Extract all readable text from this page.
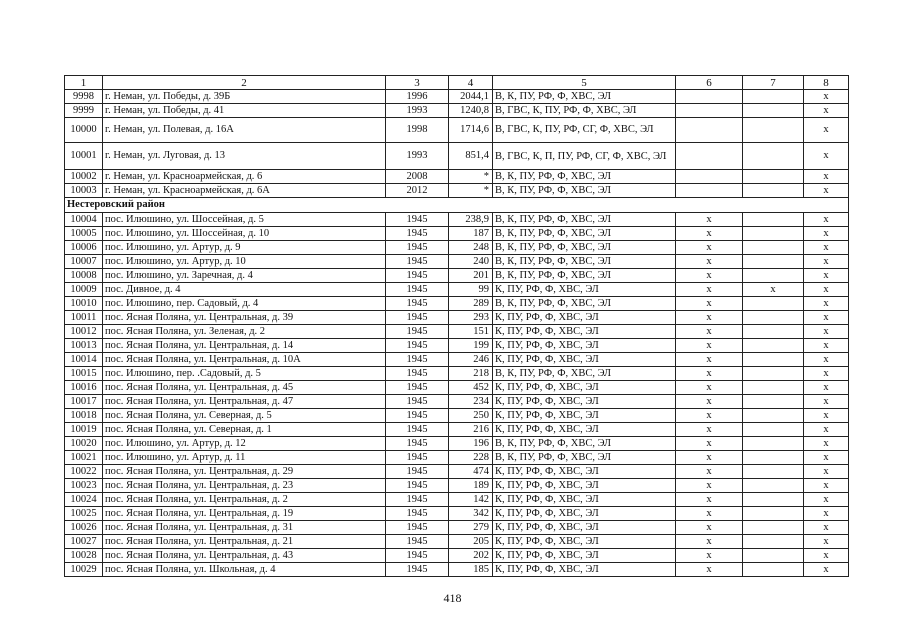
1	2	3	4	5	6	7	8
9998	г. Неман, ул. Победы, д. 39Б	1996	2044,1	В, К, ПУ, РФ, Ф, ХВС, ЭЛ			х
9999	г. Неман, ул. Победы, д. 41	1993	1240,8	В, ГВС, К, ПУ, РФ, Ф, ХВС, ЭЛ			х
10000	г. Неман, ул. Полевая, д. 16А	1998	1714,6	В, ГВС, К, ПУ, РФ, СГ, Ф, ХВС, ЭЛ			х
10001	г. Неман, ул. Луговая, д. 13	1993	851,4	В, ГВС, К, П, ПУ, РФ, СГ, Ф, ХВС, ЭЛ			х
10002	г. Неман, ул. Красноармейская, д. 6	2008	*	В, К, ПУ, РФ, Ф, ХВС, ЭЛ			х
10003	г. Неман, ул. Красноармейская, д. 6А	2012	*	В, К, ПУ, РФ, Ф, ХВС, ЭЛ			х
Нестеровский район							
10004	пос. Илюшино, ул. Шоссейная, д. 5	1945	238,9	В, К, ПУ, РФ, Ф, ХВС, ЭЛ	х		х
10005	пос. Илюшино, ул. Шоссейная, д. 10	1945	187	В, К, ПУ, РФ, Ф, ХВС, ЭЛ	х		х
10006	пос. Илюшино, ул. Артур, д. 9	1945	248	В, К, ПУ, РФ, Ф, ХВС, ЭЛ	х		х
10007	пос. Илюшино, ул. Артур, д. 10	1945	240	В, К, ПУ, РФ, Ф, ХВС, ЭЛ	х		х
10008	пос. Илюшино, ул. Заречная, д. 4	1945	201	В, К, ПУ, РФ, Ф, ХВС, ЭЛ	х		х
10009	пос. Дивное, д. 4	1945	99	К, ПУ, РФ, Ф, ХВС, ЭЛ	х	х	х
10010	пос. Илюшино, пер. Садовый, д. 4	1945	289	В, К, ПУ, РФ, Ф, ХВС, ЭЛ	х		х
10011	пос. Ясная Поляна, ул. Центральная, д. 39	1945	293	К, ПУ, РФ, Ф, ХВС, ЭЛ	х		х
10012	пос. Ясная Поляна, ул. Зеленая, д. 2	1945	151	К, ПУ, РФ, Ф, ХВС, ЭЛ	х		х
10013	пос. Ясная Поляна, ул. Центральная, д. 14	1945	199	К, ПУ, РФ, Ф, ХВС, ЭЛ	х		х
10014	пос. Ясная Поляна, ул. Центральная, д. 10А	1945	246	К, ПУ, РФ, Ф, ХВС, ЭЛ	х		х
10015	пос. Илюшино, пер. .Садовый, д. 5	1945	218	В, К, ПУ, РФ, Ф, ХВС, ЭЛ	х		х
10016	пос. Ясная Поляна, ул. Центральная, д. 45	1945	452	К, ПУ, РФ, Ф, ХВС, ЭЛ	х		х
10017	пос. Ясная Поляна, ул. Центральная, д. 47	1945	234	К, ПУ, РФ, Ф, ХВС, ЭЛ	х		х
10018	пос. Ясная Поляна, ул. Северная, д. 5	1945	250	К, ПУ, РФ, Ф, ХВС, ЭЛ	х		х
10019	пос. Ясная Поляна, ул. Северная, д. 1	1945	216	К, ПУ, РФ, Ф, ХВС, ЭЛ	х		х
10020	пос. Илюшино, ул. Артур, д. 12	1945	196	В, К, ПУ, РФ, Ф, ХВС, ЭЛ	х		х
10021	пос. Илюшино, ул. Артур, д. 11	1945	228	В, К, ПУ, РФ, Ф, ХВС, ЭЛ	х		х
10022	пос. Ясная Поляна, ул. Центральная, д. 29	1945	474	К, ПУ, РФ, Ф, ХВС, ЭЛ	х		х
10023	пос. Ясная Поляна, ул. Центральная, д. 23	1945	189	К, ПУ, РФ, Ф, ХВС, ЭЛ	х		х
10024	пос. Ясная Поляна, ул. Центральная, д. 2	1945	142	К, ПУ, РФ, Ф, ХВС, ЭЛ	х		х
10025	пос. Ясная Поляна, ул. Центральная, д. 19	1945	342	К, ПУ, РФ, Ф, ХВС, ЭЛ	х		х
10026	пос. Ясная Поляна, ул. Центральная, д. 31	1945	279	К, ПУ, РФ, Ф, ХВС, ЭЛ	х		х
10027	пос. Ясная Поляна, ул. Центральная, д. 21	1945	205	К, ПУ, РФ, Ф, ХВС, ЭЛ	х		х
10028	пос. Ясная Поляна, ул. Центральная, д. 43	1945	202	К, ПУ, РФ, Ф, ХВС, ЭЛ	х		х
10029	пос. Ясная Поляна, ул. Школьная, д. 4	1945	185	К, ПУ, РФ, Ф, ХВС, ЭЛ	х		х
418
